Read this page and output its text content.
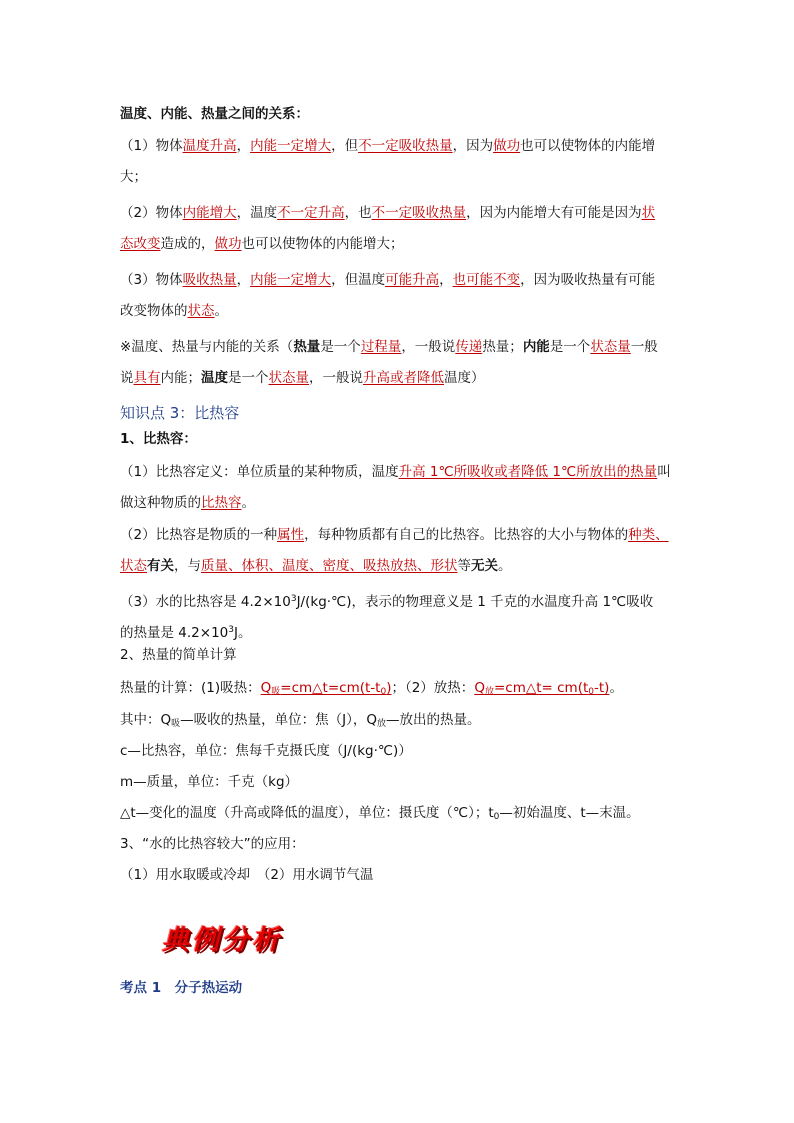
温度、内能、热量之间的关系：
（1）物体温度升高，内能一定增大，但不一定吸收热量，因为做功也可以使物体的内能增
大；
（2）物体内能增大，温度不一定升高，也不一定吸收热量，因为内能增大有可能是因为状
态改变造成的，做功也可以使物体的内能增大；
（3）物体吸收热量，内能一定增大，但温度可能升高，也可能不变，因为吸收热量有可能
改变物体的状态。
※温度、热量与内能的关系（热量是一个过程量，一般说传递热量；内能是一个状态量一般
说具有内能；温度是一个状态量，一般说升高或者降低温度）
知识点 3：比热容
1、比热容：
（1）比热容定义：单位质量的某种物质，温度升高 1℃所吸收或者降低 1℃所放出的热量叫
做这种物质的比热容。
（2）比热容是物质的一种属性，每种物质都有自己的比热容。比热容的大小与物体的种类、
状态有关，与质量、体积、温度、密度、吸热放热、形状等无关。
（3）水的比热容是 $4.2\times 10^3J/(kg\cdot℃)$，表示的物理意义是 1 千克的水温度升高 1℃吸收
的热量是 $4.2\times 10^3J$。
2、热量的简单计算
热量的计算：(1)吸热：$Q_吸=cm\triangle t=cm(t-t_0)$；（2）放热：$Q_放=cm\triangle t= cm(t_0-t)$。
其中：$Q_吸—$吸收的热量，单位：焦（J），$Q_放—$放出的热量。
c—比热容，单位：焦每千克摄氏度（J/(kg·℃)）
m—质量，单位：千克（kg）
△t—变化的温度（升高或降低的温度），单位：摄氏度（℃）；$t_0—$初始温度、t—末温。
3、“水的比热容较大”的应用：
（1）用水取暖或冷却　（2）用水调节气温
典例分析
考点 1　分子热运动
